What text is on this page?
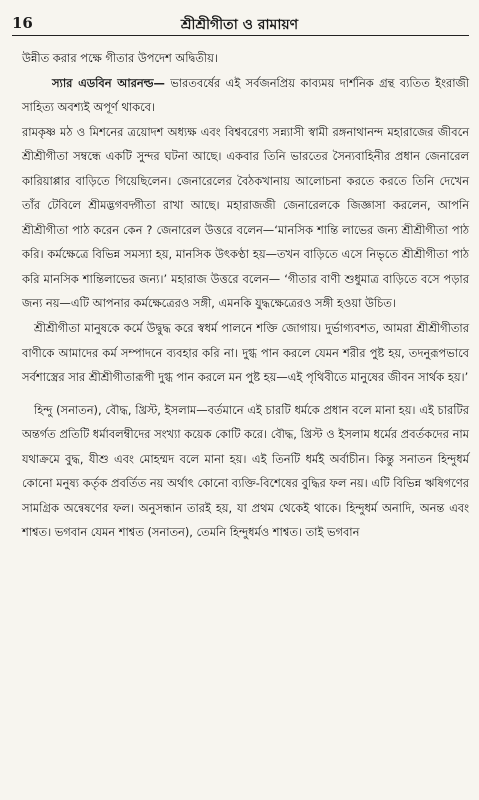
16	শ্রীশ্রীগীতা ও রামায়ণ

উন্নীত করার পক্ষে গীতার উপদেশ অদ্বিতীয়।

স্যার এডবিন আরনল্ড— ভারতবর্ষের এই সর্বজনপ্রিয় কাব্যময় দার্শনিক গ্রন্থ ব্যতিত ইংরাজী সাহিত্য অবশ্যই অপূর্ণ থাকবে।

রামকৃষ্ণ মঠ ও মিশনের ত্রয়োদশ অধ্যক্ষ এবং বিশ্ববরেণ্য সন্ন্যাসী স্বামী রঙ্গনাথানন্দ মহারাজের জীবনে শ্রীশ্রীগীতা সম্বন্ধে একটি সুন্দর ঘটনা আছে। একবার তিনি ভারতের সৈন্যবাহিনীর প্রধান জেনারেল কারিয়াপ্পার বাড়িতে গিয়েছিলেন। জেনারেলের বৈঠকখানায় আলোচনা করতে করতে তিনি দেখেন তাঁর টেবিলে শ্রীমদ্ভগবদ্গীতা রাখা আছে। মহারাজজী জেনারেলকে জিজ্ঞাসা করলেন, আপনি শ্রীশ্রীগীতা পাঠ করেন কেন ? জেনারেল উত্তরে বলেন—‘মানসিক শান্তি লাভের জন্য শ্রীশ্রীগীতা পাঠ করি। কর্মক্ষেত্রে বিভিন্ন সমস্যা হয়, মানসিক উৎকণ্ঠা হয়—তখন বাড়িতে এসে নিভৃতে শ্রীশ্রীগীতা পাঠ করি মানসিক শান্তিলাভের জন্য।’ মহারাজ উত্তরে বলেন— ‘গীতার বাণী শুধুমাত্র বাড়িতে বসে পড়ার জন্য নয়—এটি আপনার কর্মক্ষেত্রেরও সঙ্গী, এমনকি যুদ্ধক্ষেত্রেরও সঙ্গী হওয়া উচিত।

শ্রীশ্রীগীতা মানুষকে কর্মে উদ্বুদ্ধ করে স্বধর্ম পালনে শক্তি জোগায়। দুর্ভাগ্যবশত, আমরা শ্রীশ্রীগীতার বাণীকে আমাদের কর্ম সম্পাদনে ব্যবহার করি না। দুগ্ধ পান করলে যেমন শরীর পুষ্ট হয়, তদনুরূপভাবে সর্বশাস্ত্রের সার শ্রীশ্রীগীতারূপী দুগ্ধ পান করলে মন পুষ্ট হয়—এই পৃথিবীতে মানুষের জীবন সার্থক হয়।’

হিন্দু (সনাতন), বৌদ্ধ, খ্রিস্ট, ইসলাম—বর্তমানে এই চারটি ধর্মকে প্রধান বলে মানা হয়। এই চারটির অন্তর্গত প্রতিটি ধর্মাবলম্বীদের সংখ্যা কয়েক কোটি করে। বৌদ্ধ, খ্রিস্ট ও ইসলাম ধর্মের প্রবর্তকদের নাম যথাক্রমে বুদ্ধ, যীশু এবং মোহম্মদ বলে মানা হয়। এই তিনটি ধর্মই অর্বাচীন। কিন্তু সনাতন হিন্দুধর্ম কোনো মনুষ্য কর্তৃক প্রবর্তিত নয় অর্থাৎ কোনো ব্যক্তি-বিশেষের বুদ্ধির ফল নয়। এটি বিভিন্ন ঋষিগণের সামগ্রিক অন্বেষণের ফল। অনুসন্ধান তারই হয়, যা প্রথম থেকেই থাকে। হিন্দুধর্ম অনাদি, অনন্ত এবং শাশ্বত। ভগবান যেমন শাশ্বত (সনাতন), তেমনি হিন্দুধর্মও শাশ্বত। তাই ভগবান
